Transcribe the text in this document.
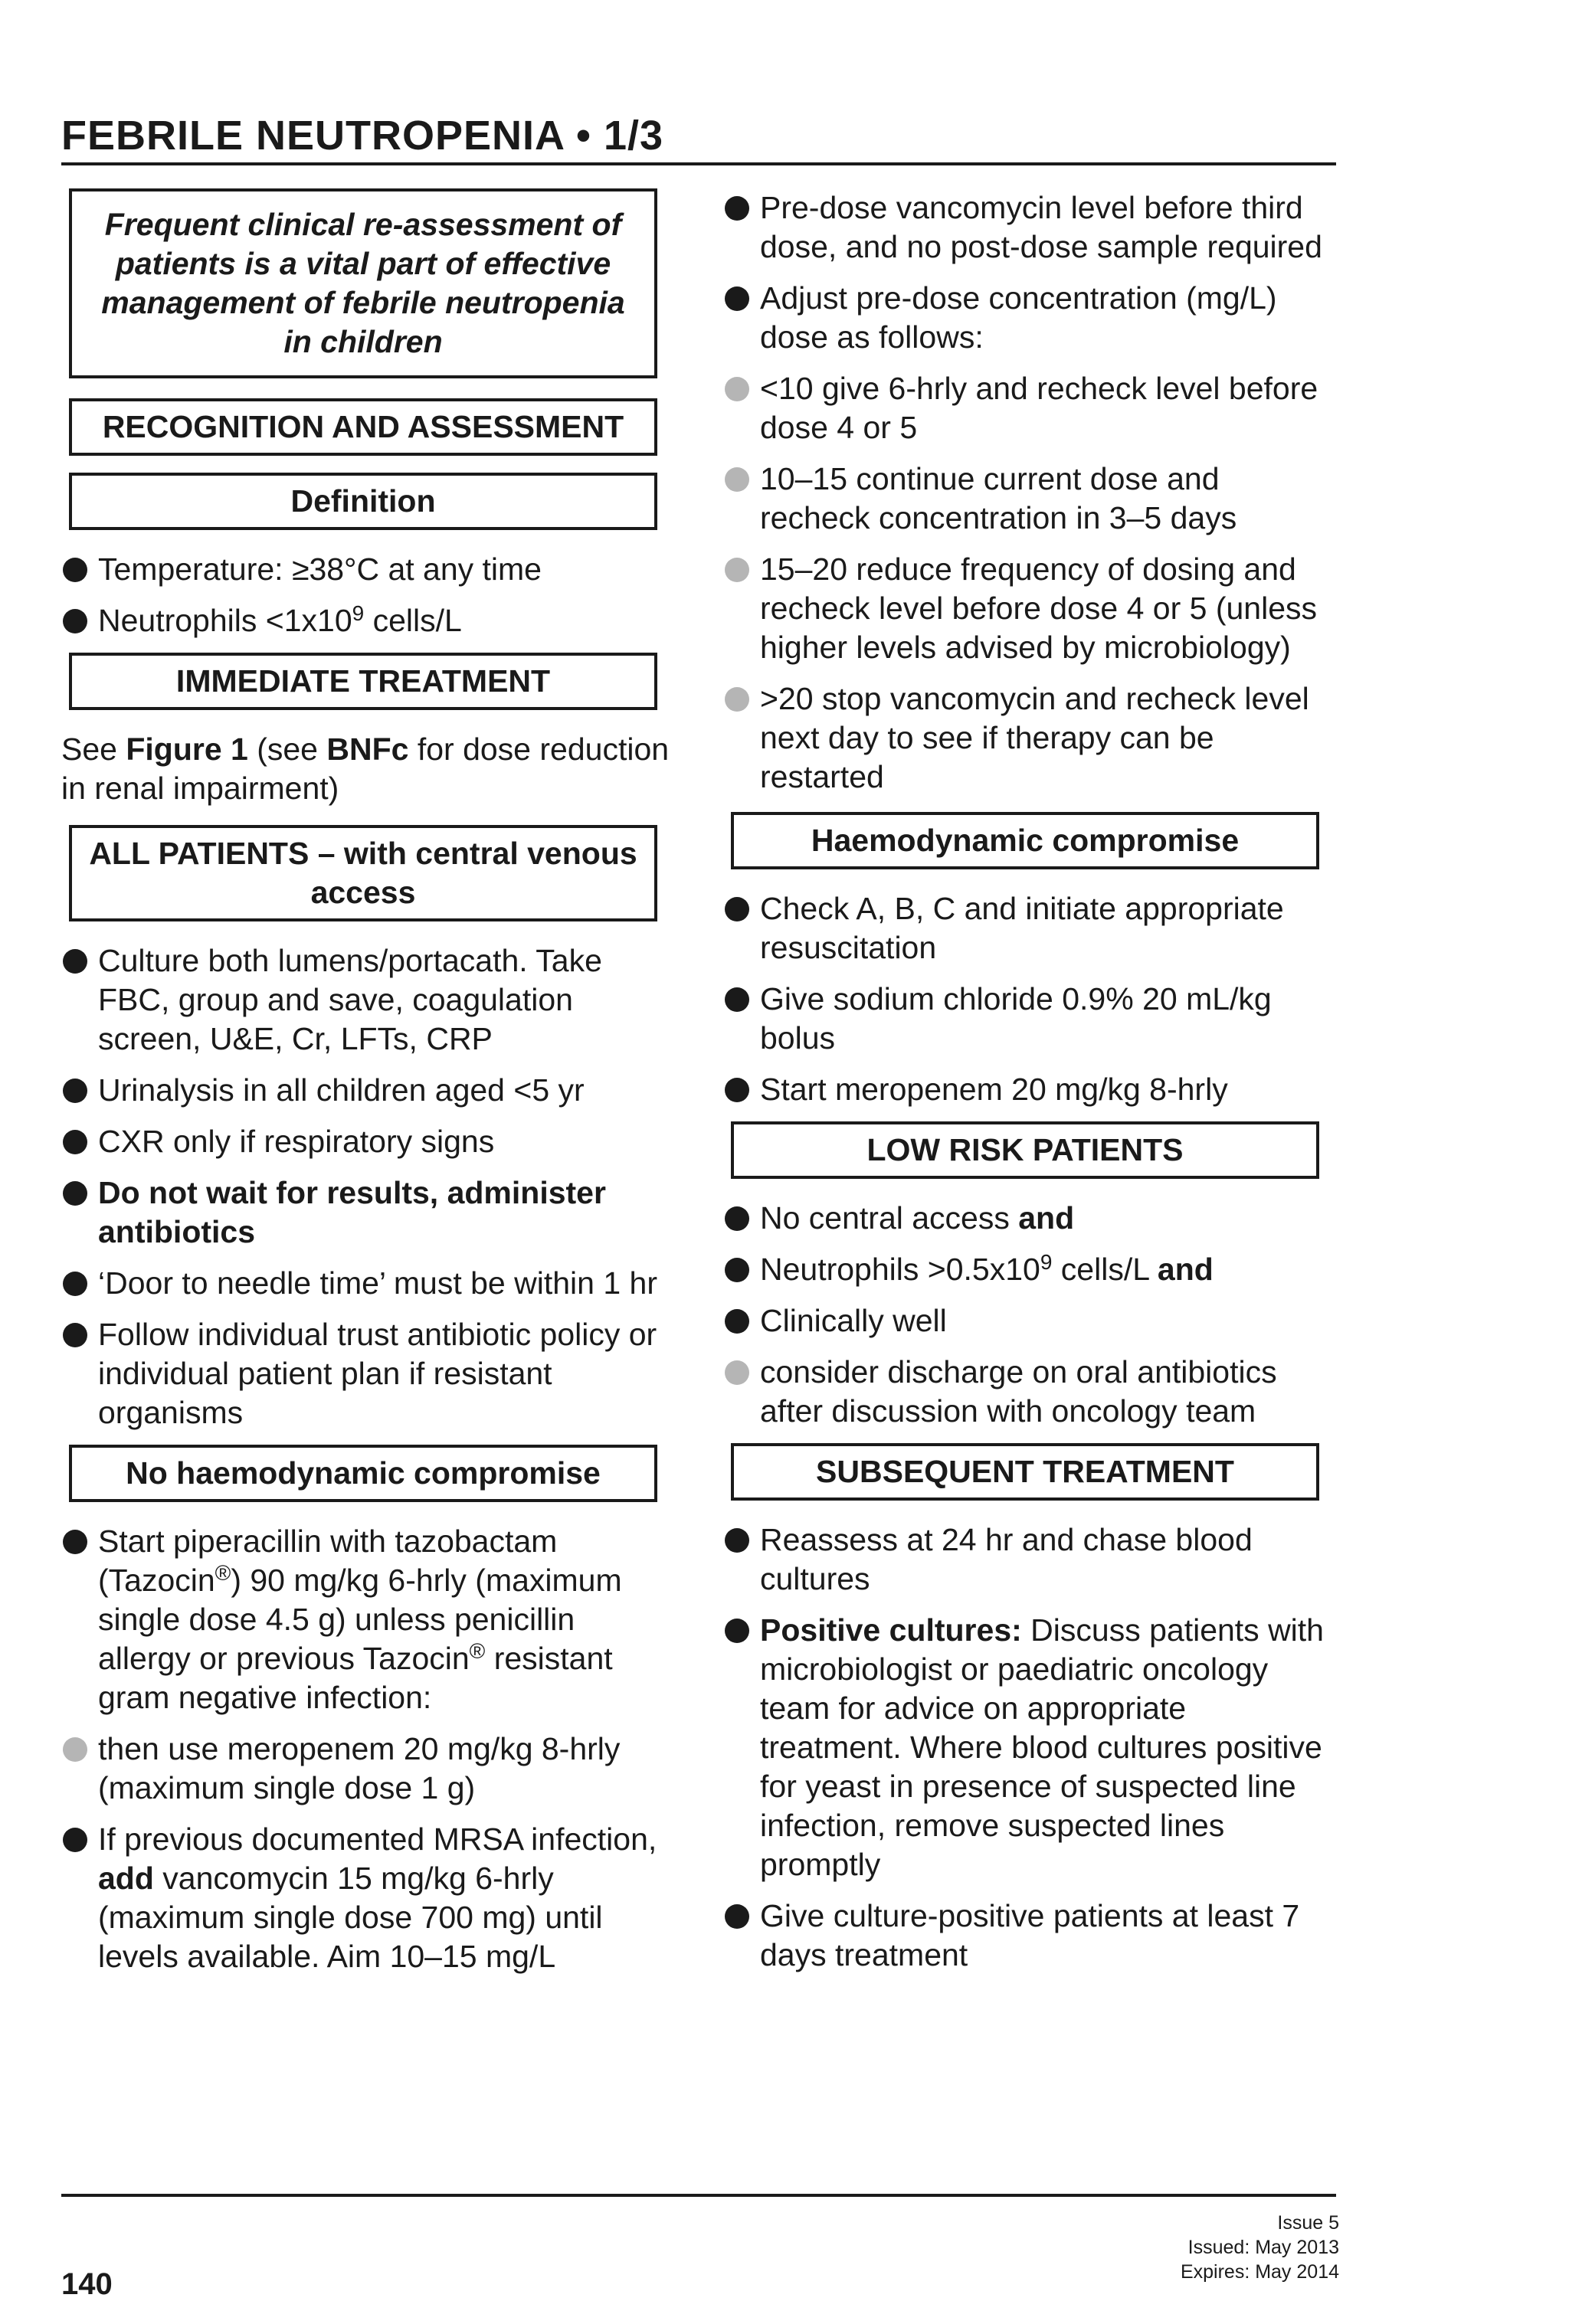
FEBRILE NEUTROPENIA • 1/3
Frequent clinical re-assessment of patients is a vital part of effective management of febrile neutropenia in children
RECOGNITION AND ASSESSMENT
Definition
Temperature: ≥38°C at any time
Neutrophils $<1x10^9$ cells/L
IMMEDIATE TREATMENT
See Figure 1 (see BNFc for dose reduction in renal impairment)
ALL PATIENTS – with central venous access
Culture both lumens/portacath. Take FBC, group and save, coagulation screen, U&E, Cr, LFTs, CRP
Urinalysis in all children aged <5 yr
CXR only if respiratory signs
Do not wait for results, administer antibiotics
‘Door to needle time’ must be within 1 hr
Follow individual trust antibiotic policy or individual patient plan if resistant organisms
No haemodynamic compromise
Start piperacillin with tazobactam (Tazocin®) 90 mg/kg 6-hrly (maximum single dose 4.5 g) unless penicillin allergy or previous Tazocin® resistant gram negative infection:
then use meropenem 20 mg/kg 8-hrly (maximum single dose 1 g)
If previous documented MRSA infection, add vancomycin 15 mg/kg 6-hrly (maximum single dose 700 mg) until levels available. Aim 10–15 mg/L
Pre-dose vancomycin level before third dose, and no post-dose sample required
Adjust pre-dose concentration (mg/L) dose as follows:
<10 give 6-hrly and recheck level before dose 4 or 5
10–15 continue current dose and recheck concentration in 3–5 days
15–20 reduce frequency of dosing and recheck level before dose 4 or 5 (unless higher levels advised by microbiology)
>20 stop vancomycin and recheck level next day to see if therapy can be restarted
Haemodynamic compromise
Check A, B, C and initiate appropriate resuscitation
Give sodium chloride 0.9% 20 mL/kg bolus
Start meropenem 20 mg/kg 8-hrly
LOW RISK PATIENTS
No central access and
Neutrophils $>0.5x10^9$ cells/L and
Clinically well
consider discharge on oral antibiotics after discussion with oncology team
SUBSEQUENT TREATMENT
Reassess at 24 hr and chase blood cultures
Positive cultures: Discuss patients with microbiologist or paediatric oncology team for advice on appropriate treatment. Where blood cultures positive for yeast in presence of suspected line infection, remove suspected lines promptly
Give culture-positive patients at least 7 days treatment
140
Issue 5
Issued: May 2013
Expires: May 2014
